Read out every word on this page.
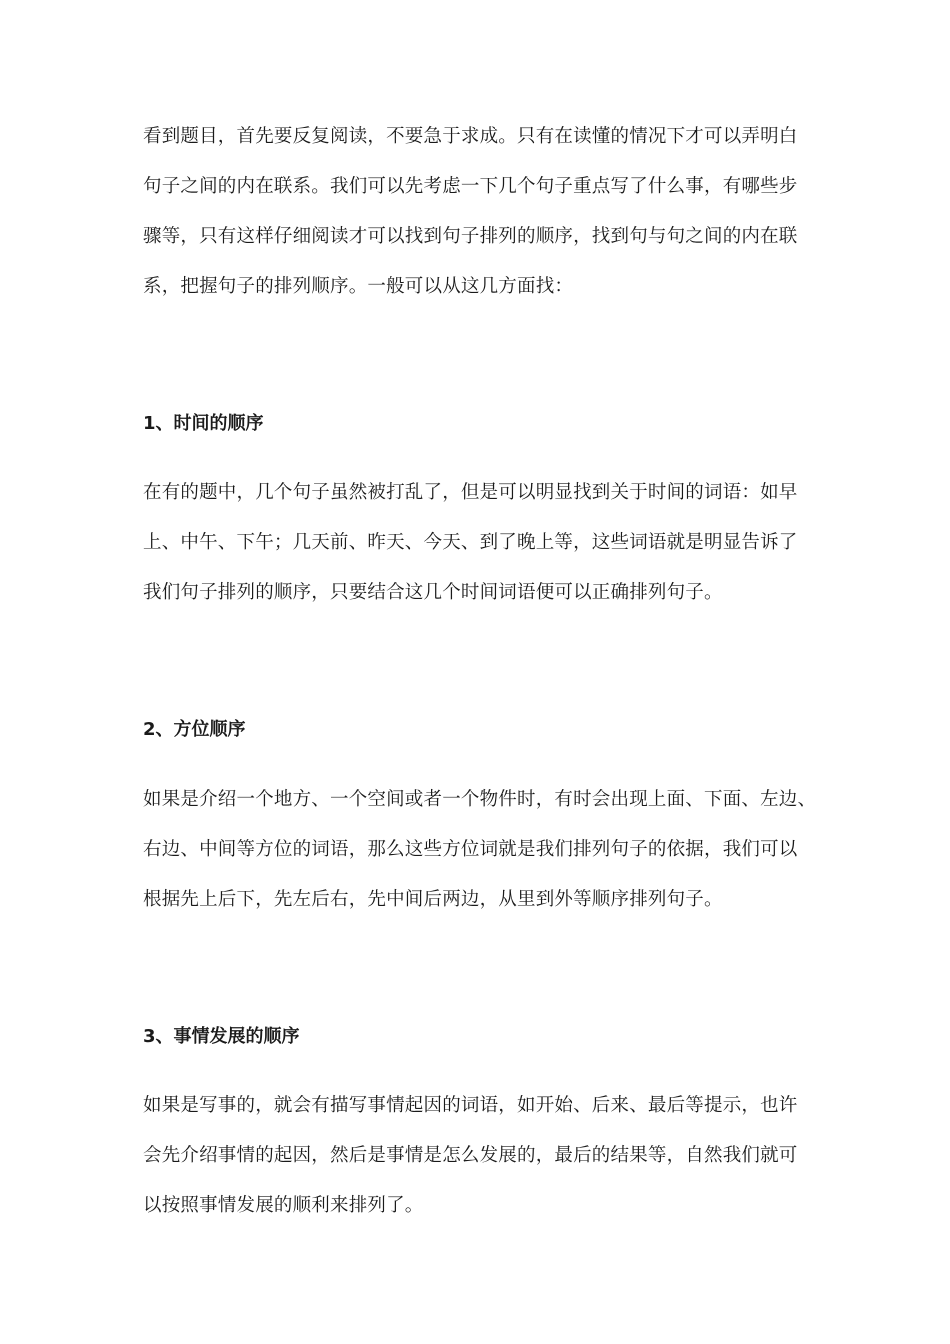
看到题目，首先要反复阅读，不要急于求成。只有在读懂的情况下才可以弄明白
句子之间的内在联系。我们可以先考虑一下几个句子重点写了什么事，有哪些步
骤等，只有这样仔细阅读才可以找到句子排列的顺序，找到句与句之间的内在联
系，把握句子的排列顺序。一般可以从这几方面找：

1、时间的顺序

在有的题中，几个句子虽然被打乱了，但是可以明显找到关于时间的词语：如早
上、中午、下午；几天前、昨天、今天、到了晚上等，这些词语就是明显告诉了
我们句子排列的顺序，只要结合这几个时间词语便可以正确排列句子。

2、方位顺序

如果是介绍一个地方、一个空间或者一个物件时，有时会出现上面、下面、左边、
右边、中间等方位的词语，那么这些方位词就是我们排列句子的依据，我们可以
根据先上后下，先左后右，先中间后两边，从里到外等顺序排列句子。

3、事情发展的顺序

如果是写事的，就会有描写事情起因的词语，如开始、后来、最后等提示，也许
会先介绍事情的起因，然后是事情是怎么发展的，最后的结果等，自然我们就可
以按照事情发展的顺利来排列了。
